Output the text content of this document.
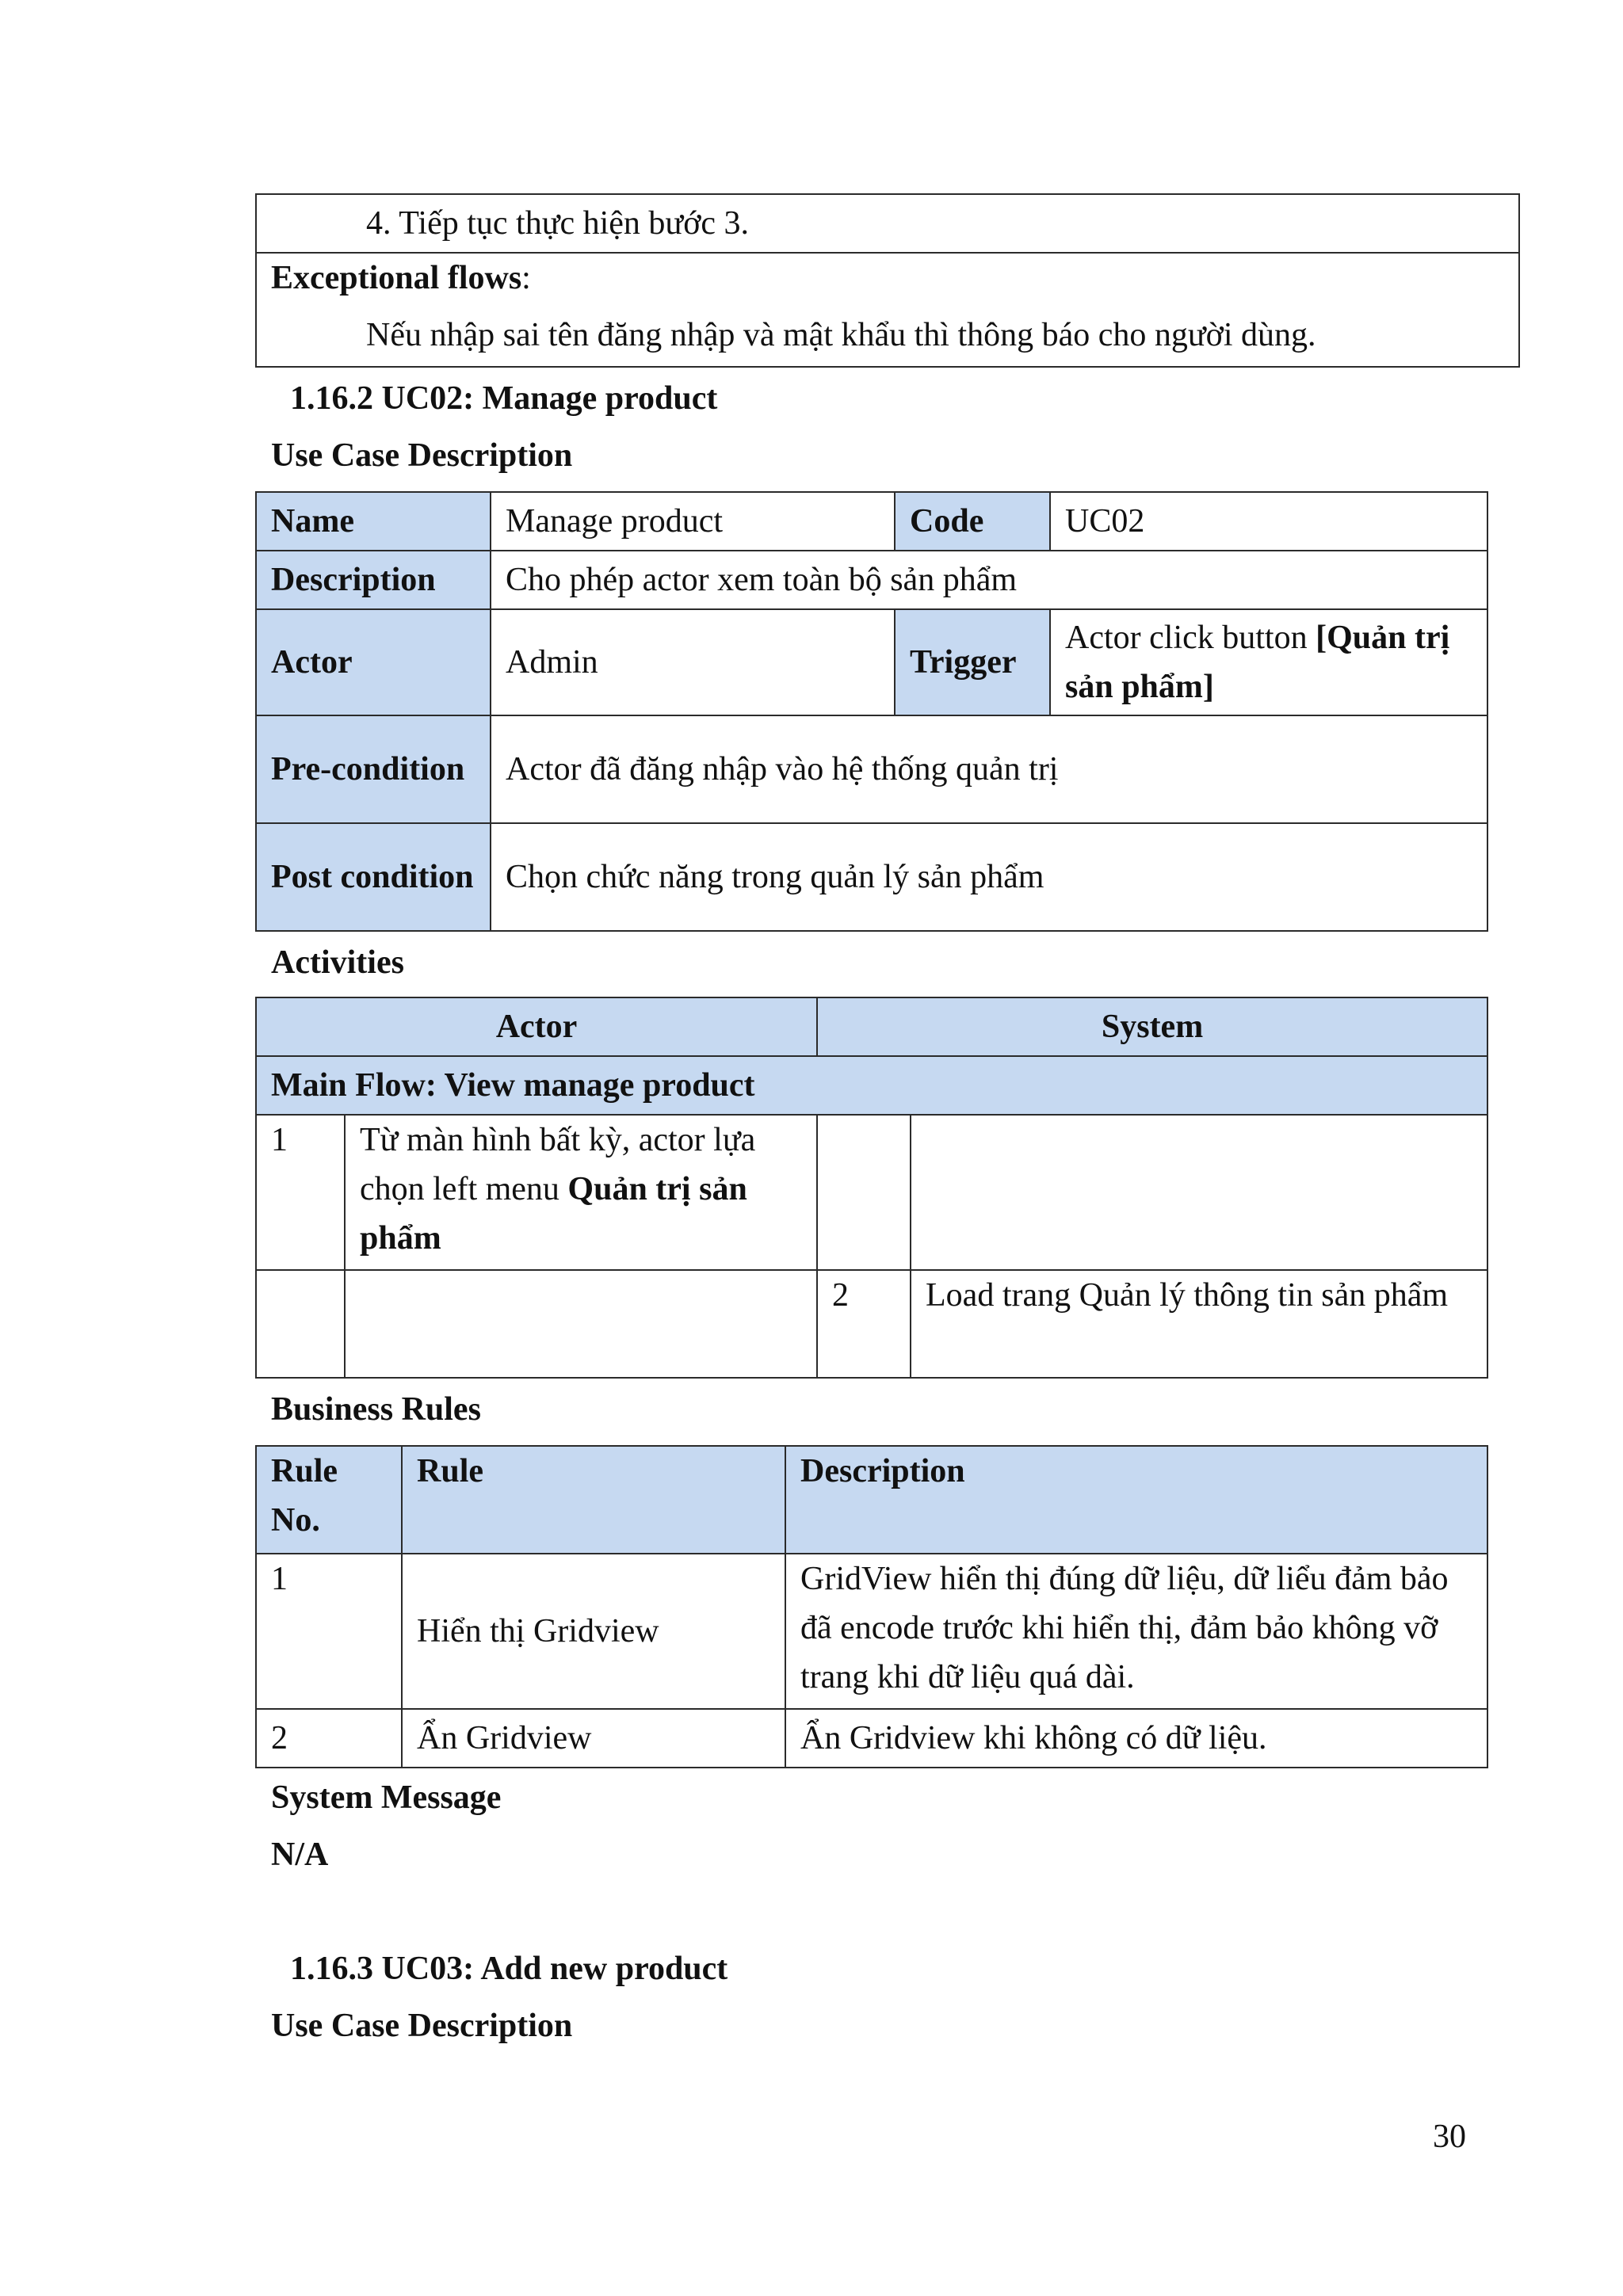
4. Tiếp tục thực hiện bước 3.

Exceptional flows:
Nếu nhập sai tên đăng nhập và mật khẩu thì thông báo cho người dùng.
1.16.2 UC02: Manage product
Use Case Description
Name	Manage product	Code	UC02
Description	Cho phép actor xem toàn bộ sản phẩm		
Actor	Admin	Trigger	Actor click button [Quản trị sản phẩm]
Pre-condition	Actor đã đăng nhập vào hệ thống quản trị		
Post condition	Chọn chức năng trong quản lý sản phẩm		
Activities
Actor		System	
Main Flow: View manage product			
1	Từ màn hình bất kỳ, actor lựa chọn left menu Quản trị sản phẩm		
		2	Load trang Quản lý thông tin sản phẩm
Business Rules
Rule No.	Rule	Description
1	Hiển thị Gridview	GridView hiển thị đúng dữ liệu, dữ liểu đảm bảo đã encode trước khi hiển thị, đảm bảo không vỡ trang khi dữ liệu quá dài.
2	Ẩn Gridview	Ẩn Gridview khi không có dữ liệu.
System Message
N/A
1.16.3 UC03: Add new product
Use Case Description
30
